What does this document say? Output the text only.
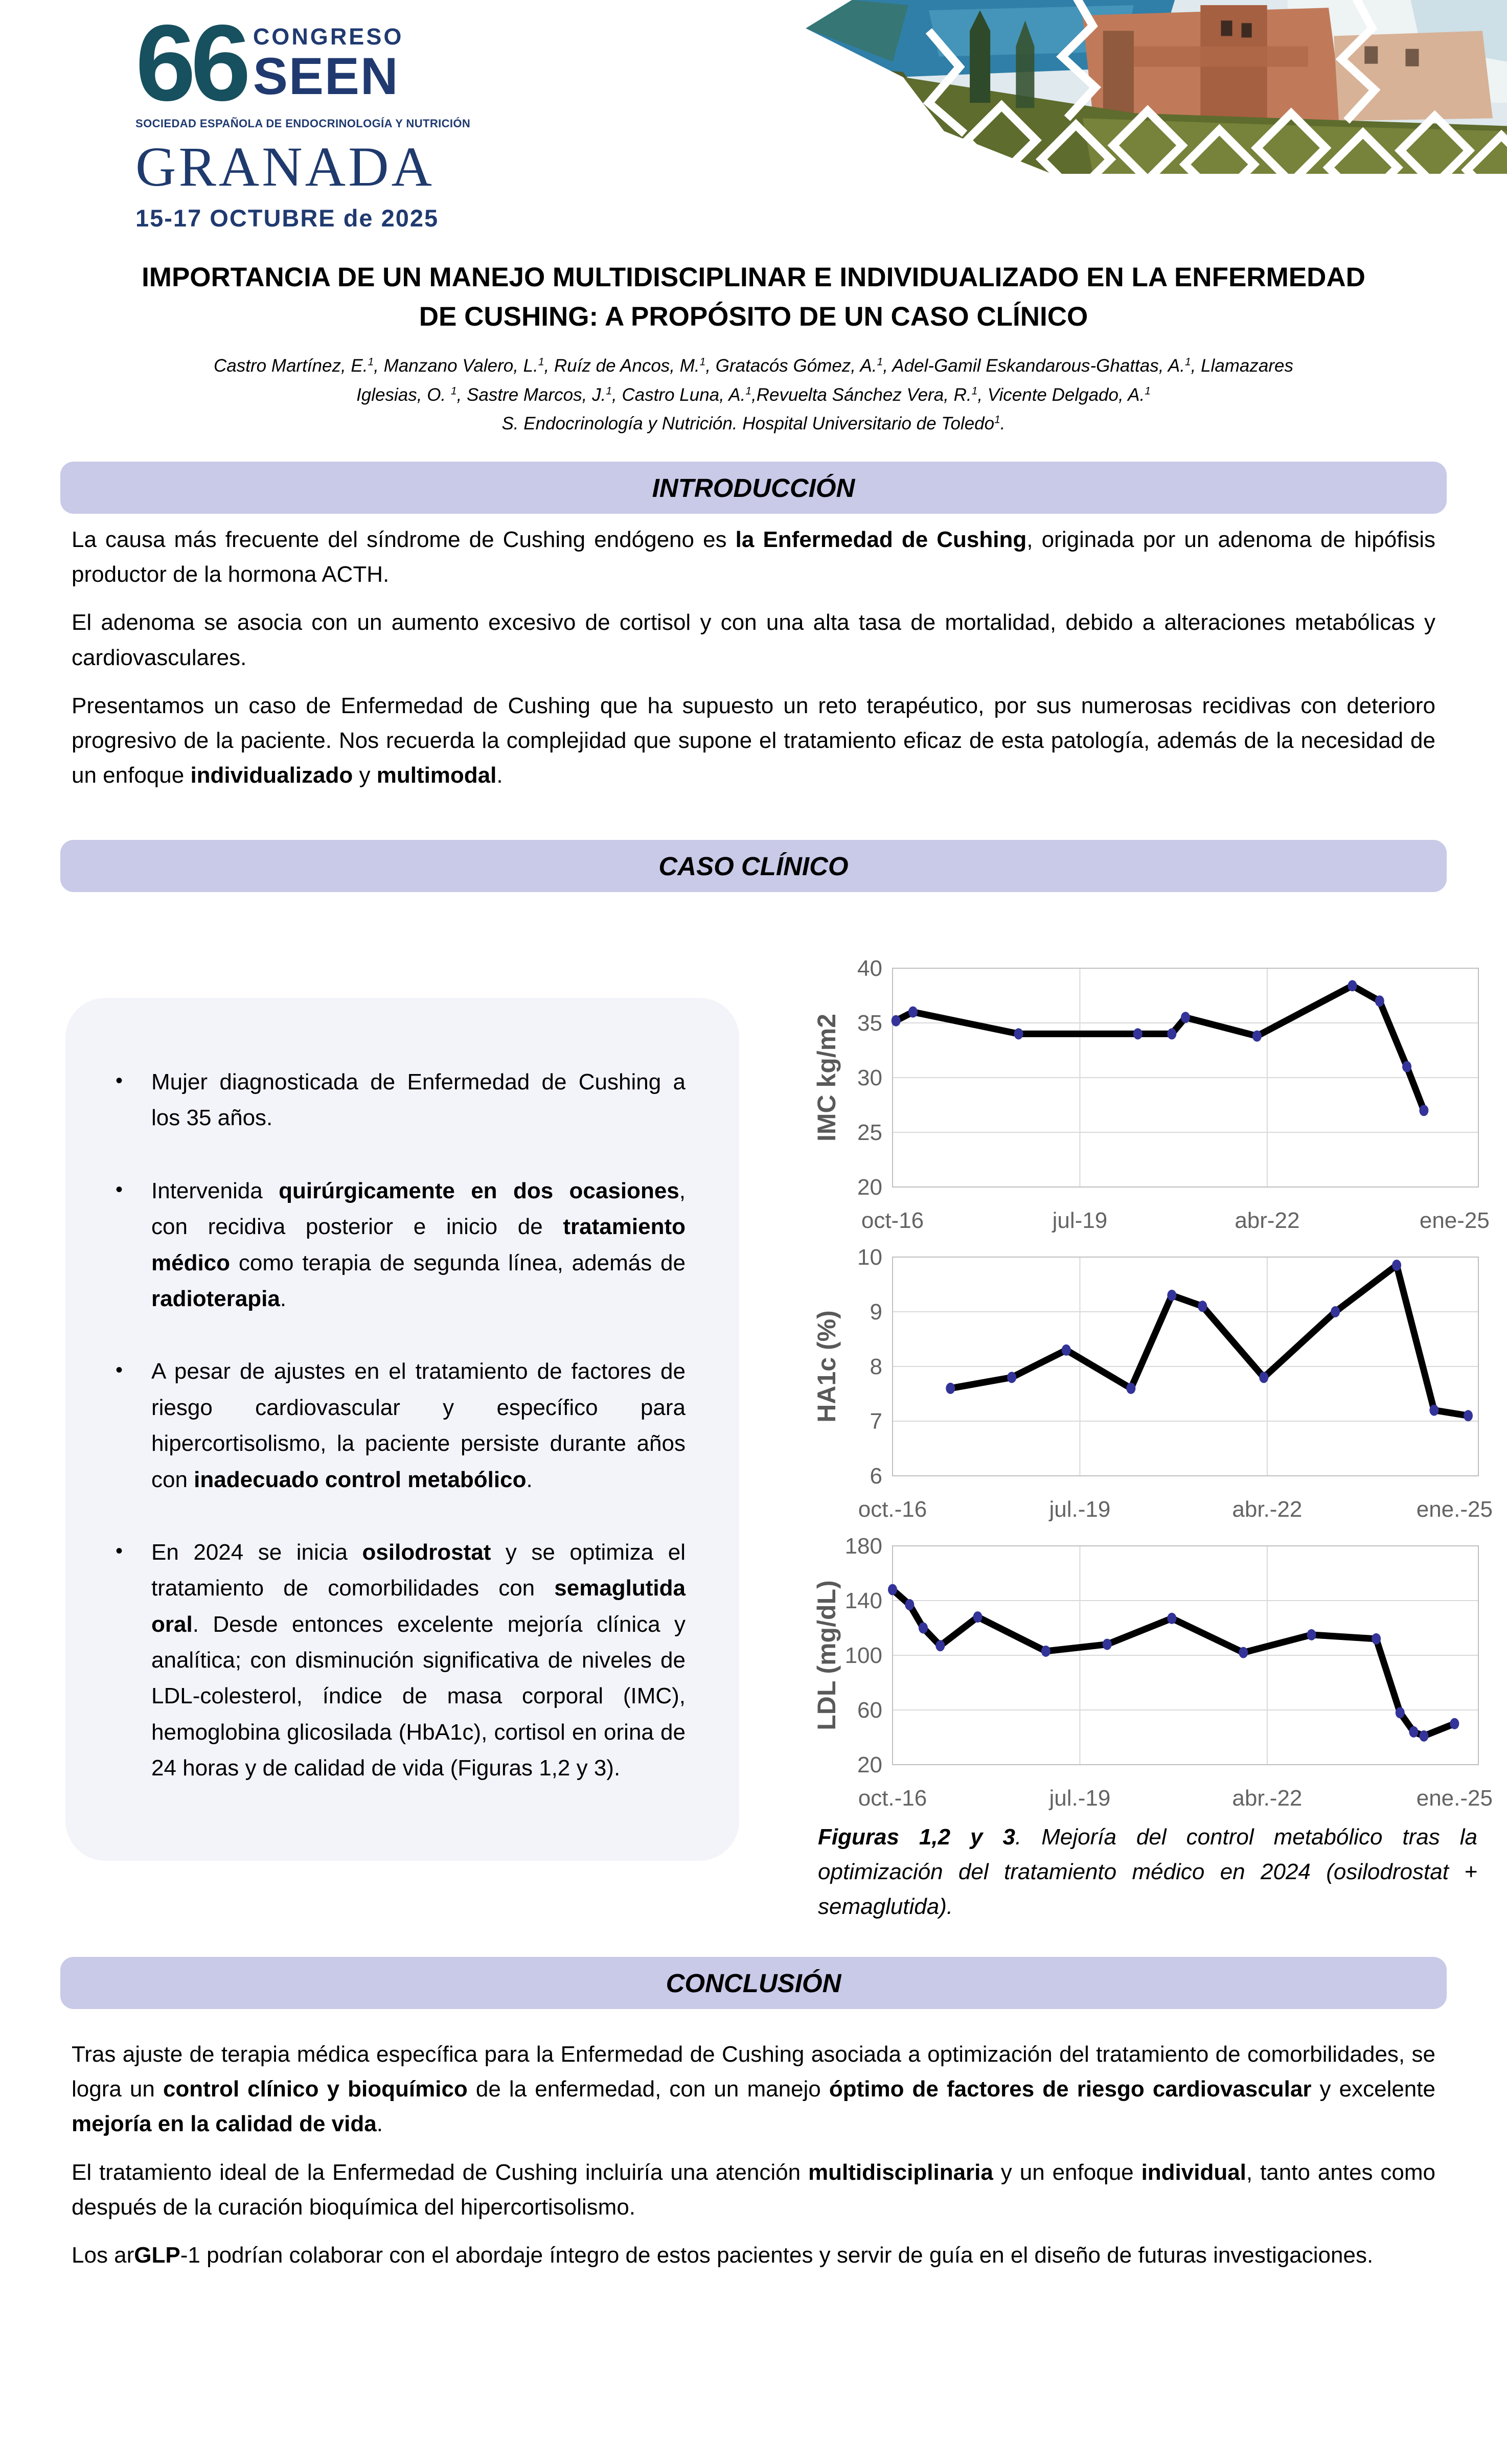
66 CONGRESO
SEEN
SOCIEDAD ESPAÑOLA DE ENDOCRINOLOGÍA Y NUTRICIÓN
GRANADA
15-17 OCTUBRE de 2025
IMPORTANCIA DE UN MANEJO MULTIDISCIPLINAR E INDIVIDUALIZADO EN LA ENFERMEDAD
DE CUSHING: A PROPÓSITO DE UN CASO CLÍNICO
Castro Martínez, E.$^1$, Manzano Valero, L.$^1$, Ruíz de Ancos, M.$^1$, Gratacós Gómez, A.$^1$, Adel-Gamil Eskandarous-Ghattas, A.$^1$, Llamazares
Iglesias, O. $^1$, Sastre Marcos, J.$^1$, Castro Luna, A.$^1$,Revuelta Sánchez Vera, R.$^1$, Vicente Delgado, A.$^1$
S. Endocrinología y Nutrición. Hospital Universitario de Toledo$^1$.
INTRODUCCIÓN

La causa más frecuente del síndrome de Cushing endógeno es la Enfermedad de Cushing, originada por un adenoma de hipófisis productor de la hormona ACTH.

El adenoma se asocia con un aumento excesivo de cortisol y con una alta tasa de mortalidad, debido a alteraciones metabólicas y cardiovasculares.

Presentamos un caso de Enfermedad de Cushing que ha supuesto un reto terapéutico, por sus numerosas recidivas con deterioro progresivo de la paciente. Nos recuerda la complejidad que supone el tratamiento eficaz de esta patología, además de la necesidad de un enfoque individualizado y multimodal.

CASO CLÍNICO
• Mujer diagnosticada de Enfermedad de Cushing a los 35 años.
• Intervenida quirúrgicamente en dos ocasiones, con recidiva posterior e inicio de tratamiento médico como terapia de segunda línea, además de radioterapia.
• A pesar de ajustes en el tratamiento de factores de riesgo cardiovascular y específico para hipercortisolismo, la paciente persiste durante años con inadecuado control metabólico.
• En 2024 se inicia osilodrostat y se optimiza el tratamiento de comorbilidades con semaglutida oral. Desde entonces excelente mejoría clínica y analítica; con disminución significativa de niveles de LDL-colesterol, índice de masa corporal (IMC), hemoglobina glicosilada (HbA1c), cortisol en orina de 24 horas y de calidad de vida (Figuras 1,2 y 3).
20
25
30
35
40
oct-16	jul-19	abr-22	ene-25
IMC kg/m2
6
7
8
9
10
oct.-16	jul.-19	abr.-22	ene.-25
HA1c (%)
20
60
100
140
180
oct.-16	jul.-19	abr.-22	ene.-25
LDL (mg/dL)
Figuras 1,2 y 3. Mejoría del control metabólico tras la optimización del tratamiento médico en 2024 (osilodrostat + semaglutida).
CONCLUSIÓN

Tras ajuste de terapia médica específica para la Enfermedad de Cushing asociada a optimización del tratamiento de comorbilidades, se logra un control clínico y bioquímico de la enfermedad, con un manejo óptimo de factores de riesgo cardiovascular y excelente mejoría en la calidad de vida.

El tratamiento ideal de la Enfermedad de Cushing incluiría una atención multidisciplinaria y un enfoque individual, tanto antes como después de la curación bioquímica del hipercortisolismo.

Los arGLP-1 podrían colaborar con el abordaje íntegro de estos pacientes y servir de guía en el diseño de futuras investigaciones.
